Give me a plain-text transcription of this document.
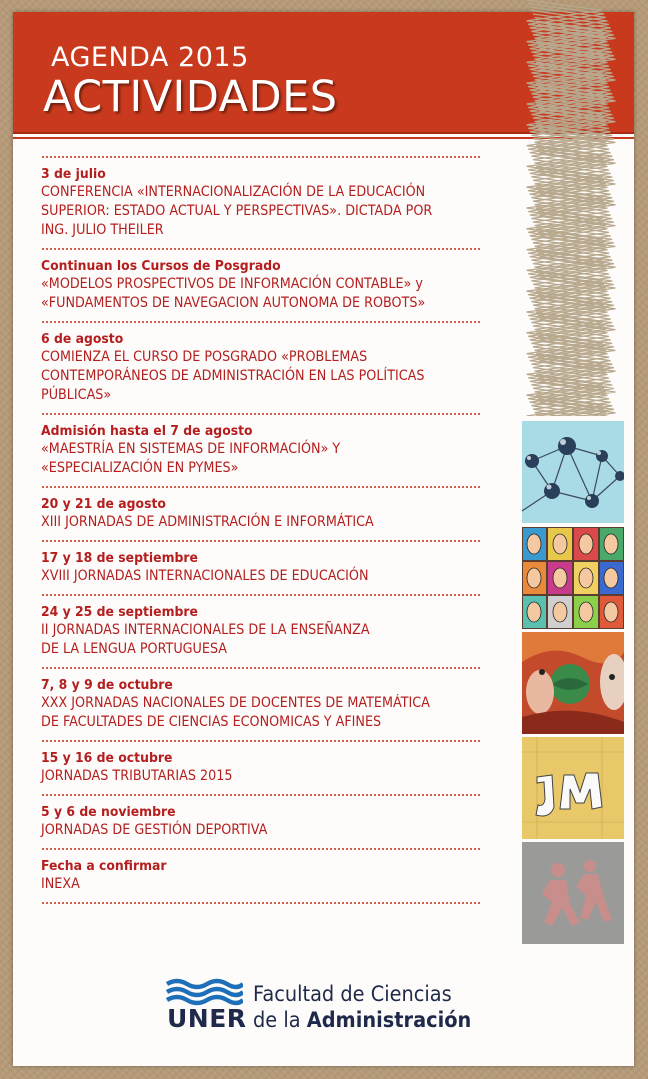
AGENDA 2015
ACTIVIDADES
3 de julio
CONFERENCIA «INTERNACIONALIZACIÓN DE LA EDUCACIÓN
SUPERIOR: ESTADO ACTUAL Y PERSPECTIVAS». DICTADA POR
ING. JULIO THEILER
Continuan los Cursos de Posgrado
«MODELOS PROSPECTIVOS DE INFORMACIÓN CONTABLE» y
«FUNDAMENTOS DE NAVEGACION AUTONOMA DE ROBOTS»
6 de agosto
COMIENZA EL CURSO DE POSGRADO «PROBLEMAS
CONTEMPORÁNEOS DE ADMINISTRACIÓN EN LAS POLÍTICAS
PÚBLICAS»
Admisión hasta el 7 de agosto
«MAESTRÍA EN SISTEMAS DE INFORMACIÓN» Y
«ESPECIALIZACIÓN EN PYMES»
20 y 21 de agosto
XIII JORNADAS DE ADMINISTRACIÓN E INFORMÁTICA
17 y 18 de septiembre
XVIII JORNADAS INTERNACIONALES DE EDUCACIÓN
24 y 25 de septiembre
II JORNADAS INTERNACIONALES DE LA ENSEÑANZA
DE LA LENGUA PORTUGUESA
7, 8 y 9 de octubre
XXX JORNADAS NACIONALES DE DOCENTES DE MATEMÁTICA
DE FACULTADES DE CIENCIAS ECONOMICAS Y AFINES
15 y 16 de octubre
JORNADAS TRIBUTARIAS 2015
5 y 6 de noviembre
JORNADAS DE GESTIÓN DEPORTIVA
Fecha a confirmar
INEXA
UNER
Facultad de Ciencias
de la Administración
